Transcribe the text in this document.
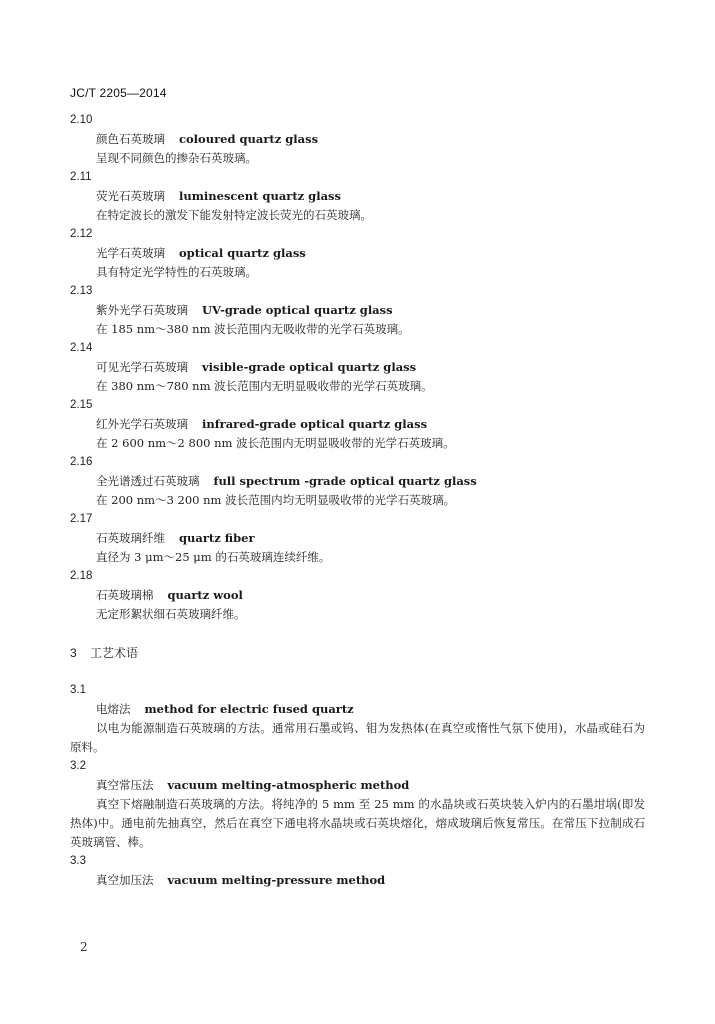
JC/T 2205—2014
2.10
颜色石英玻璃 coloured quartz glass
呈现不同颜色的掺杂石英玻璃。
2.11
荧光石英玻璃 luminescent quartz glass
在特定波长的激发下能发射特定波长荧光的石英玻璃。
2.12
光学石英玻璃 optical quartz glass
具有特定光学特性的石英玻璃。
2.13
紫外光学石英玻璃 UV-grade optical quartz glass
在 185 nm～380 nm 波长范围内无吸收带的光学石英玻璃。
2.14
可见光学石英玻璃 visible-grade optical quartz glass
在 380 nm～780 nm 波长范围内无明显吸收带的光学石英玻璃。
2.15
红外光学石英玻璃 infrared-grade optical quartz glass
在 2 600 nm～2 800 nm 波长范围内无明显吸收带的光学石英玻璃。
2.16
全光谱透过石英玻璃 full spectrum -grade optical quartz glass
在 200 nm～3 200 nm 波长范围内均无明显吸收带的光学石英玻璃。
2.17
石英玻璃纤维 quartz fiber
直径为 3 μm～25 μm 的石英玻璃连续纤维。
2.18
石英玻璃棉 quartz wool
无定形絮状细石英玻璃纤维。
3 工艺术语
3.1
电熔法 method for electric fused quartz
以电为能源制造石英玻璃的方法。通常用石墨或钨、钼为发热体(在真空或惰性气氛下使用)，水晶或硅石为原料。
3.2
真空常压法 vacuum melting-atmospheric method
真空下熔融制造石英玻璃的方法。将纯净的 5 mm 至 25 mm 的水晶块或石英块装入炉内的石墨坩埚(即发热体)中。通电前先抽真空，然后在真空下通电将水晶块或石英块熔化，熔成玻璃后恢复常压。在常压下拉制成石英玻璃管、棒。
3.3
真空加压法 vacuum melting-pressure method
2
